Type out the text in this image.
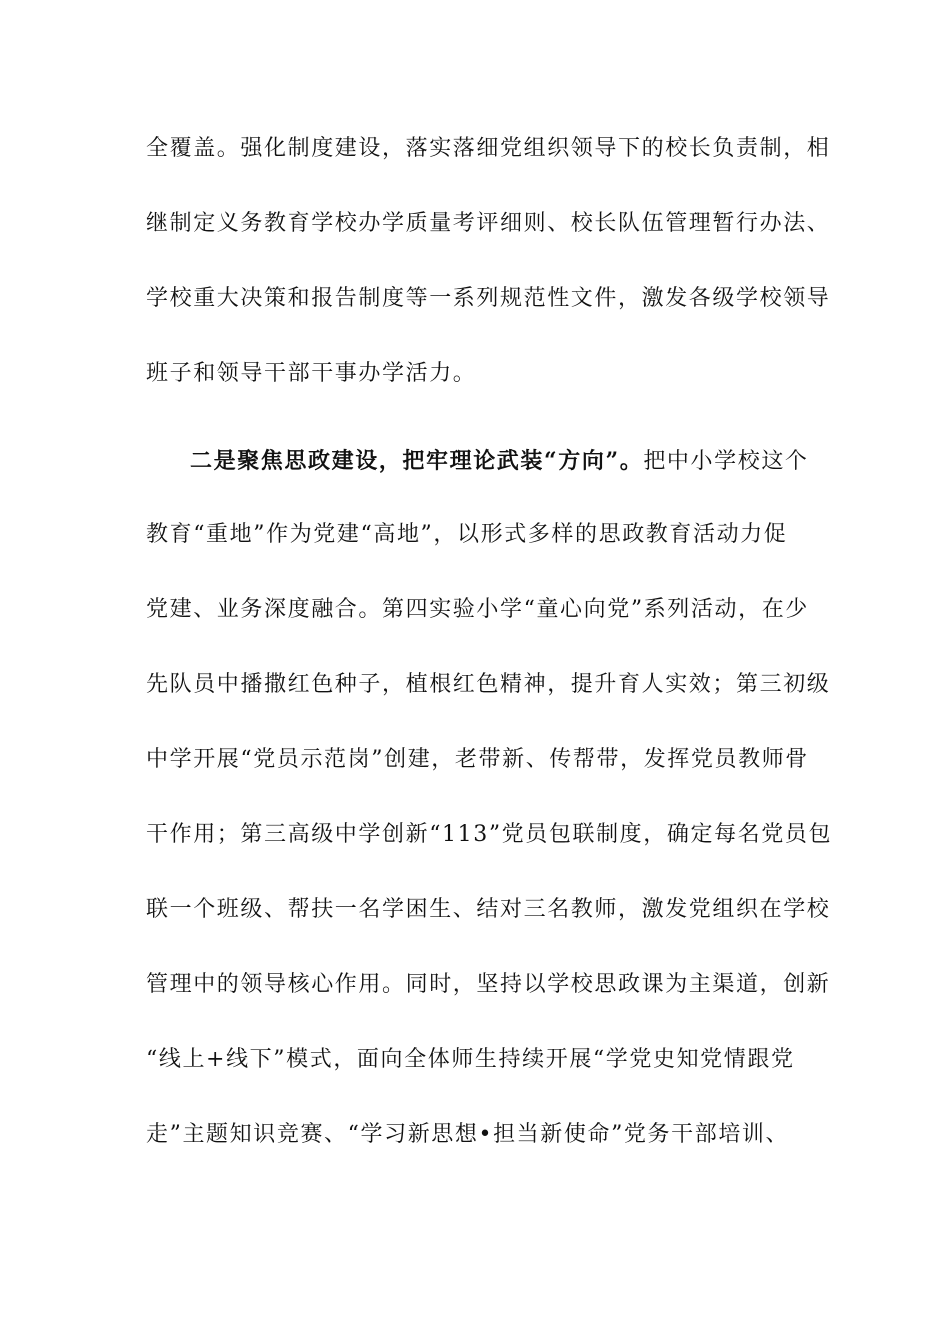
全覆盖。强化制度建设，落实落细党组织领导下的校长负责制，相
继制定义务教育学校办学质量考评细则、校长队伍管理暂行办法、
学校重大决策和报告制度等一系列规范性文件，激发各级学校领导
班子和领导干部干事办学活力。
二是聚焦思政建设，把牢理论武装“方向”。把中小学校这个
教育“重地”作为党建“高地”，以形式多样的思政教育活动力促
党建、业务深度融合。第四实验小学“童心向党”系列活动，在少
先队员中播撒红色种子，植根红色精神，提升育人实效；第三初级
中学开展“党员示范岗”创建，老带新、传帮带，发挥党员教师骨
干作用；第三高级中学创新“113”党员包联制度，确定每名党员包
联一个班级、帮扶一名学困生、结对三名教师，激发党组织在学校
管理中的领导核心作用。同时，坚持以学校思政课为主渠道，创新
“线上+线下”模式，面向全体师生持续开展“学党史知党情跟党
走”主题知识竞赛、“学习新思想•担当新使命”党务干部培训、
